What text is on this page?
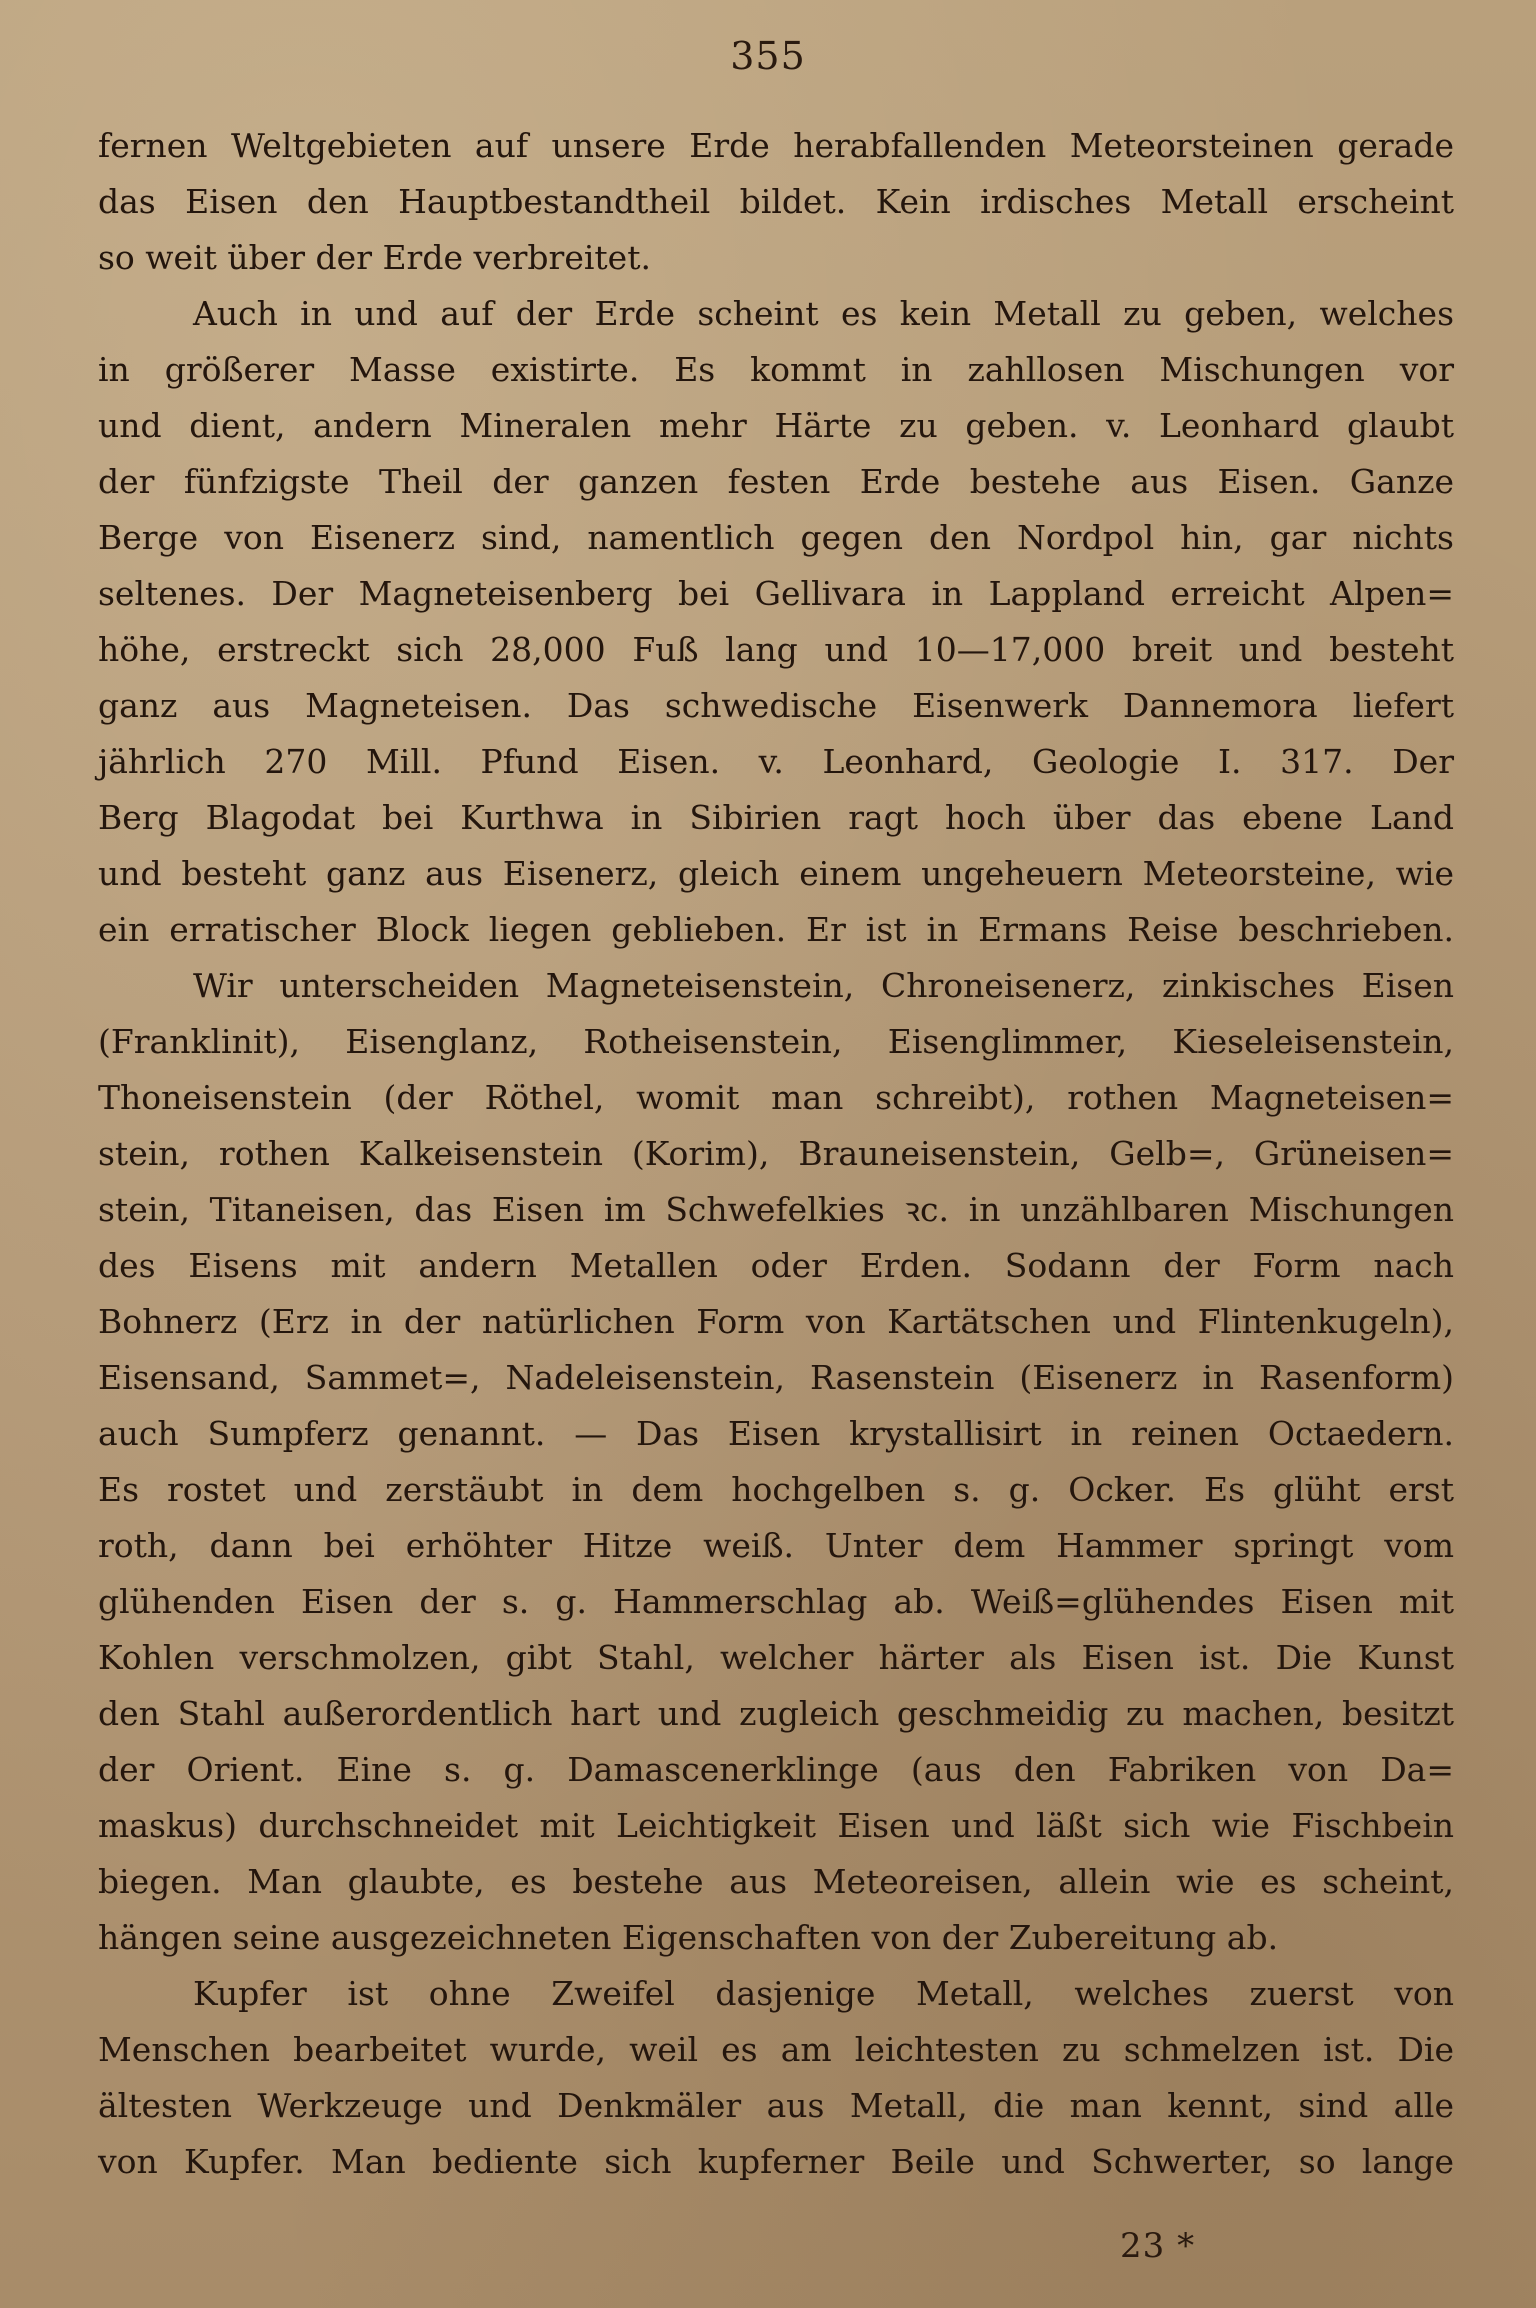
355
fernen Weltgebieten auf unsere Erde herabfallenden Meteorsteinen gerade
das Eisen den Hauptbestandtheil bildet. Kein irdisches Metall erscheint
so weit über der Erde verbreitet.
Auch in und auf der Erde scheint es kein Metall zu geben, welches
in größerer Masse existirte. Es kommt in zahllosen Mischungen vor
und dient, andern Mineralen mehr Härte zu geben. v. Leonhard glaubt
der fünfzigste Theil der ganzen festen Erde bestehe aus Eisen. Ganze
Berge von Eisenerz sind, namentlich gegen den Nordpol hin, gar nichts
seltenes. Der Magneteisenberg bei Gellivara in Lappland erreicht Alpen=
höhe, erstreckt sich 28,000 Fuß lang und 10—17,000 breit und besteht
ganz aus Magneteisen. Das schwedische Eisenwerk Dannemora liefert
jährlich 270 Mill. Pfund Eisen. v. Leonhard, Geologie I. 317. Der
Berg Blagodat bei Kurthwa in Sibirien ragt hoch über das ebene Land
und besteht ganz aus Eisenerz, gleich einem ungeheuern Meteorsteine, wie
ein erratischer Block liegen geblieben. Er ist in Ermans Reise beschrieben.
Wir unterscheiden Magneteisenstein, Chroneisenerz, zinkisches Eisen
(Franklinit), Eisenglanz, Rotheisenstein, Eisenglimmer, Kieseleisenstein,
Thoneisenstein (der Röthel, womit man schreibt), rothen Magneteisen=
stein, rothen Kalkeisenstein (Korim), Brauneisenstein, Gelb=, Grüneisen=
stein, Titaneisen, das Eisen im Schwefelkies ꝛc. in unzählbaren Mischungen
des Eisens mit andern Metallen oder Erden. Sodann der Form nach
Bohnerz (Erz in der natürlichen Form von Kartätschen und Flintenkugeln),
Eisensand, Sammet=, Nadeleisenstein, Rasenstein (Eisenerz in Rasenform)
auch Sumpferz genannt. — Das Eisen krystallisirt in reinen Octaedern.
Es rostet und zerstäubt in dem hochgelben s. g. Ocker. Es glüht erst
roth, dann bei erhöhter Hitze weiß. Unter dem Hammer springt vom
glühenden Eisen der s. g. Hammerschlag ab. Weiß=glühendes Eisen mit
Kohlen verschmolzen, gibt Stahl, welcher härter als Eisen ist. Die Kunst
den Stahl außerordentlich hart und zugleich geschmeidig zu machen, besitzt
der Orient. Eine s. g. Damascenerklinge (aus den Fabriken von Da=
maskus) durchschneidet mit Leichtigkeit Eisen und läßt sich wie Fischbein
biegen. Man glaubte, es bestehe aus Meteoreisen, allein wie es scheint,
hängen seine ausgezeichneten Eigenschaften von der Zubereitung ab.
Kupfer ist ohne Zweifel dasjenige Metall, welches zuerst von
Menschen bearbeitet wurde, weil es am leichtesten zu schmelzen ist. Die
ältesten Werkzeuge und Denkmäler aus Metall, die man kennt, sind alle
von Kupfer. Man bediente sich kupferner Beile und Schwerter, so lange
23 *
